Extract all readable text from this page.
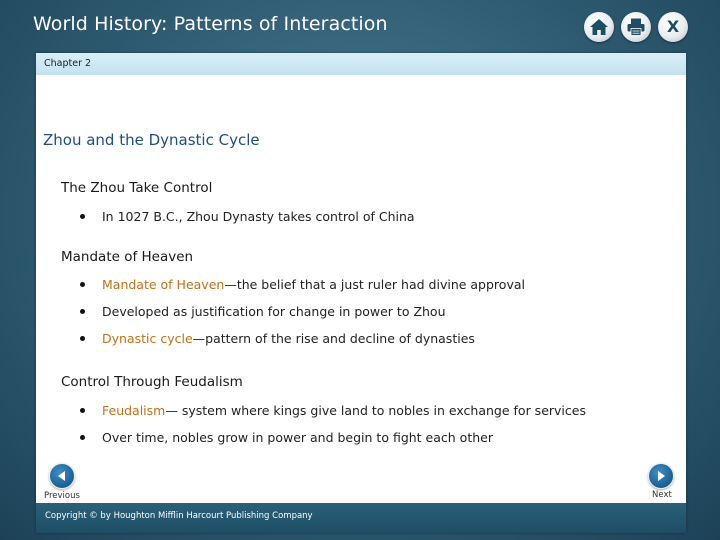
World History: Patterns of Interaction	X
Chapter 2
Zhou and the Dynastic Cycle
The Zhou Take Control
In 1027 B.C., Zhou Dynasty takes control of China
Mandate of Heaven
Mandate of Heaven—the belief that a just ruler had divine approval
Developed as justification for change in power to Zhou
Dynastic cycle—pattern of the rise and decline of dynasties
Control Through Feudalism
Feudalism— system where kings give land to nobles in exchange for services
Over time, nobles grow in power and begin to fight each other
Previous	Next
Copyright © by Houghton Mifflin Harcourt Publishing Company
